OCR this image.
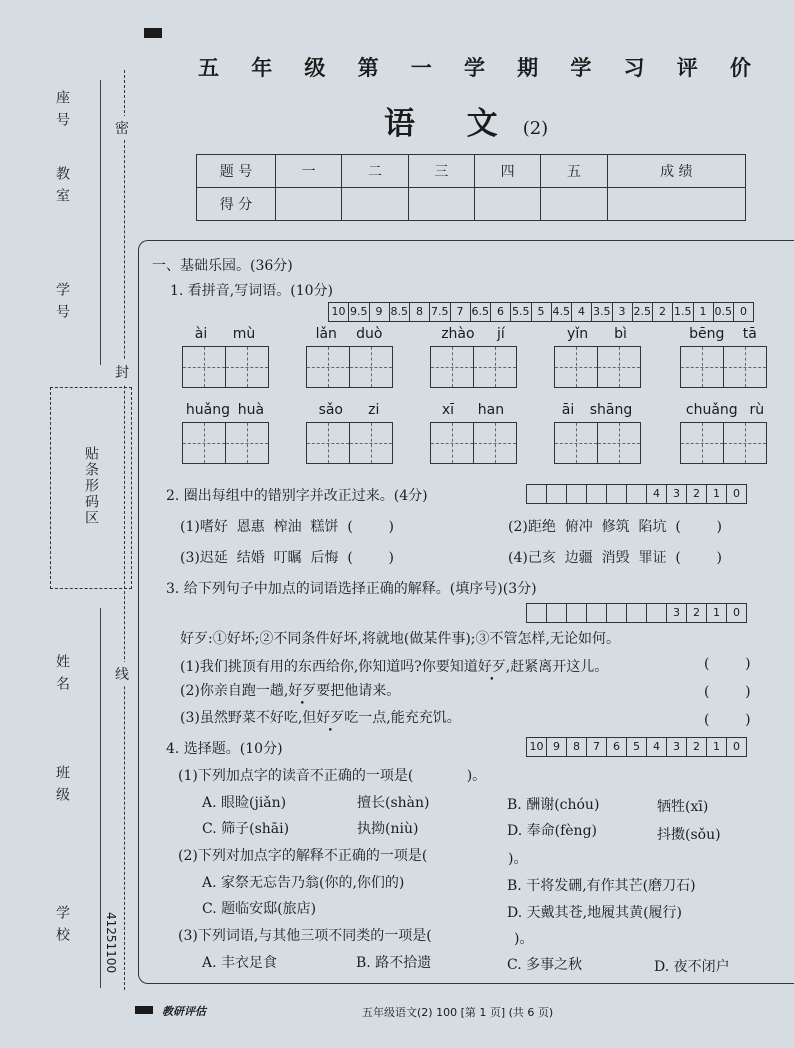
座号
教室
学号
姓名
班级
学校
密
封
线
贴条形码区
41251100
五 年 级 第 一 学 期 学 习 评 价
语  文 (2)
题 号	一	二	三	四	五	成 绩
得 分						
一、基础乐园。(36分)
1. 看拼音,写词语。(10分)
10 9.5 9 8.5 8 7.5 7 6.5 6 5.5 5 4.5 4 3.5 3 2.5 2 1.5 1 0.5 0
ài mù	lǎn duò	zhào jí	yǐn bì	bēng tā
huǎng huà	sǎo zi	xī han	āi shāng	chuǎng rù
2. 圈出每组中的错别字并改正过来。(4分)	4	3	2	1	0
(1)嗜好  恩惠  榨油  糕饼  (        )	(2)距绝  俯冲  修筑  陷坑  (        )
(3)迟延  结婚  叮瞩  后悔  (        )	(4)己亥  边疆  消毁  罪证  (        )
3. 给下列句子中加点的词语选择正确的解释。(填序号)(3分)
3	2	1	0
好歹:①好坏;②不同条件好坏,将就地(做某件事);③不管怎样,无论如何。
(1)我们挑顶有用的东西给你,你知道吗?你要知道好歹,赶紧离开这儿。	(        )
(2)你亲自跑一趟,好歹要把他请来。	(        )
(3)虽然野菜不好吃,但好歹吃一点,能充充饥。	(        )
4. 选择题。(10分)	10 9	8	7	6	5	4	3	2	1	0
(1)下列加点字的读音不正确的一项是(            )。
A. 眼睑(jiǎn)	擅长(shàn)	B. 酬谢(chóu)	牺牲(xī)
C. 筛子(shāi)	执拗(niù)	D. 奉命(fèng)	抖擞(sǒu)
(2)下列对加点字的解释不正确的一项是(	)。
A. 家祭无忘告乃翁(你的,你们的)	B. 干将发硎,有作其芒(磨刀石)
C. 题临安邸(旅店)	D. 天戴其苍,地履其黄(履行)
(3)下列词语,与其他三项不同类的一项是(	)。
A. 丰衣足食	B. 路不拾遗	C. 多事之秋	D. 夜不闭户
教研评估	五年级语文(2) 100 [第 1 页] (共 6 页)
